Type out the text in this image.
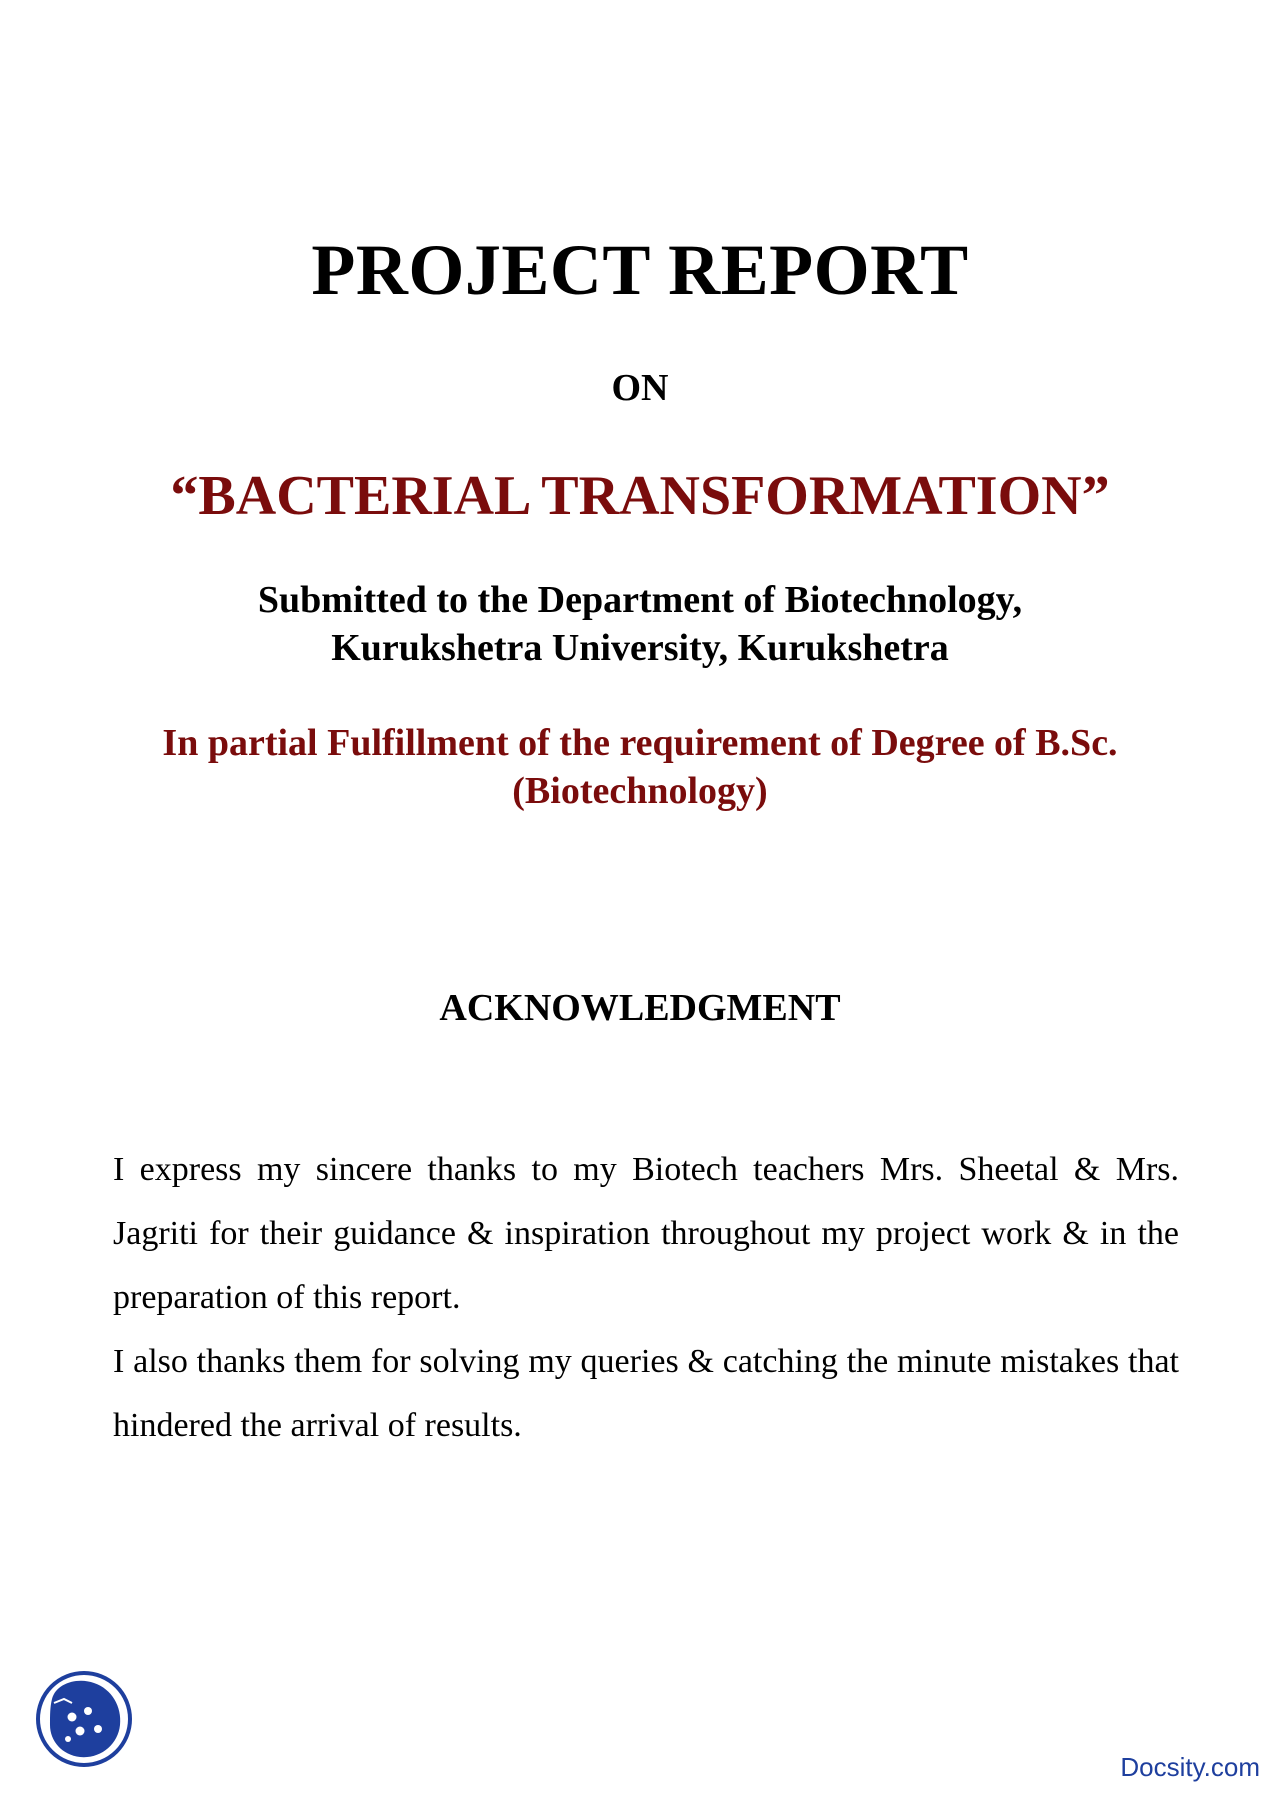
PROJECT REPORT
ON
“BACTERIAL TRANSFORMATION”
Submitted to the Department of Biotechnology,
Kurukshetra University, Kurukshetra
In partial Fulfillment of the requirement of Degree of B.Sc.
(Biotechnology)
ACKNOWLEDGMENT

I express my sincere thanks to my Biotech teachers Mrs. Sheetal & Mrs. Jagriti for their guidance & inspiration throughout my project work & in the preparation of this report.

I also thanks them for solving my queries & catching the minute mistakes that hindered the arrival of results.

Docsity.com
